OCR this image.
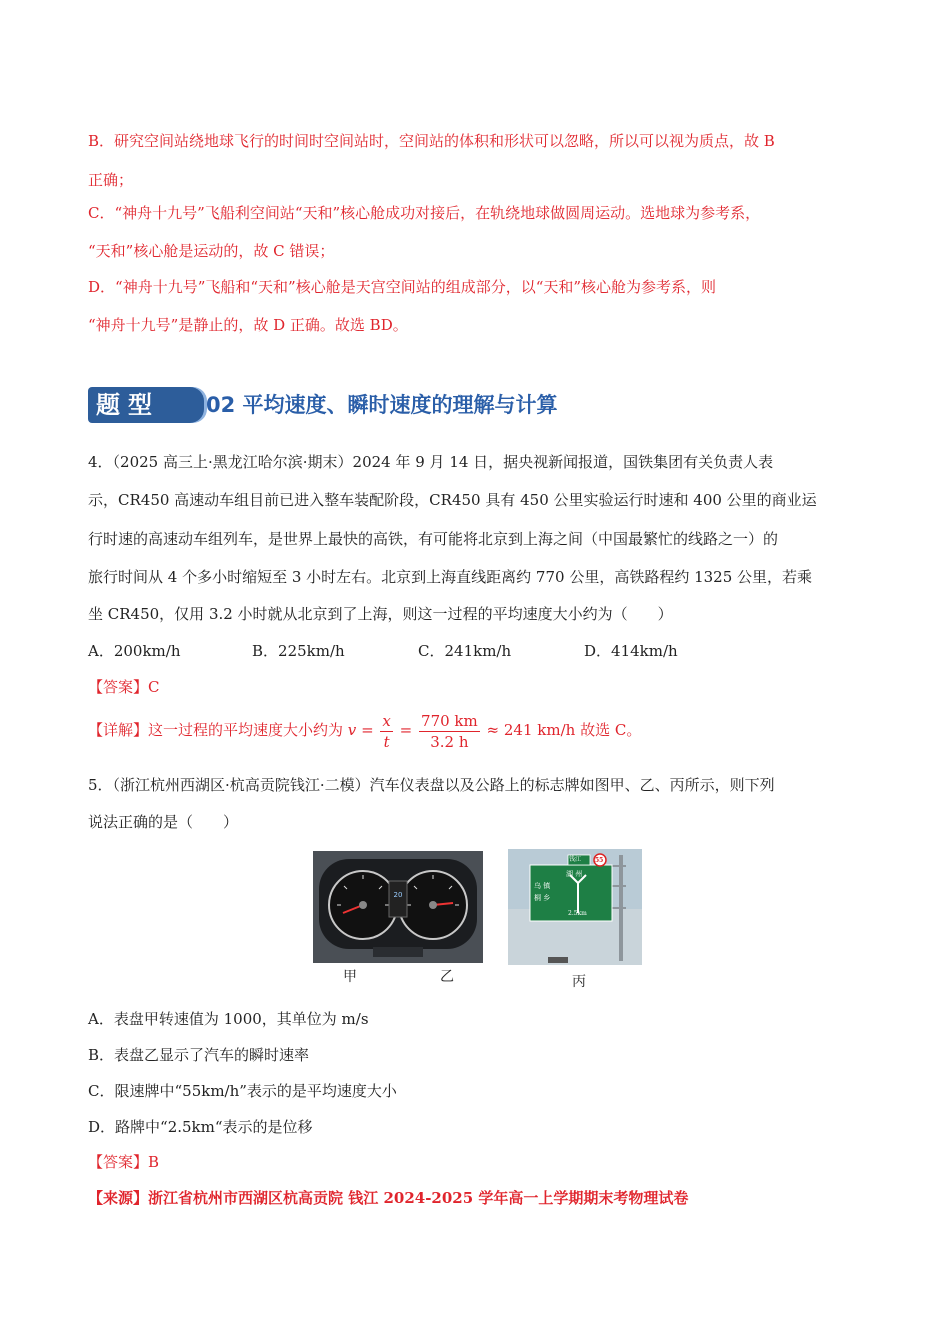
B．研究空间站绕地球飞行的时间时空间站时，空间站的体积和形状可以忽略，所以可以视为质点，故 B
正确；
C．“神舟十九号”飞船利空间站“天和”核心舱成功对接后，在轨绕地球做圆周运动。选地球为参考系，
“天和”核心舱是运动的，故 C 错误；
D．“神舟十九号”飞船和“天和”核心舱是天宫空间站的组成部分，以“天和”核心舱为参考系，则
“神舟十九号”是静止的，故 D 正确。故选 BD。
题型 02 平均速度、瞬时速度的理解与计算
4．（2025 高三上·黑龙江哈尔滨·期末）2024 年 9 月 14 日，据央视新闻报道，国铁集团有关负责人表
示，CR450 高速动车组目前已进入整车装配阶段，CR450 具有 450 公里实验运行时速和 400 公里的商业运
行时速的高速动车组列车，是世界上最快的高铁，有可能将北京到上海之间（中国最繁忙的线路之一）的
旅行时间从 4 个多小时缩短至 3 小时左右。北京到上海直线距离约 770 公里，高铁路程约 1325 公里，若乘
坐 CR450，仅用 3.2 小时就从北京到了上海，则这一过程的平均速度大小约为（　　）
A．200km/h	B．225km/h	C．241km/h	D．414km/h
【答案】C
【详解】这一过程的平均速度大小约为 $v = \frac{x}{t} = \frac{770 km}{3.2 h} \approx 241$ km/h 故选 C。
5．（浙江杭州西湖区·杭高贡院钱江·二模）汽车仪表盘以及公路上的标志牌如图甲、乙、丙所示，则下列
说法正确的是（　　）
20
甲	乙
钱江 55
湖 州
乌 镇
桐 乡
2.5km
丙
A．表盘甲转速值为 1000，其单位为 m/s
B．表盘乙显示了汽车的瞬时速率
C．限速牌中“55km/h”表示的是平均速度大小
D．路牌中“2.5km“表示的是位移
【答案】B
【来源】浙江省杭州市西湖区杭高贡院 钱江 2024-2025 学年高一上学期期末考物理试卷
